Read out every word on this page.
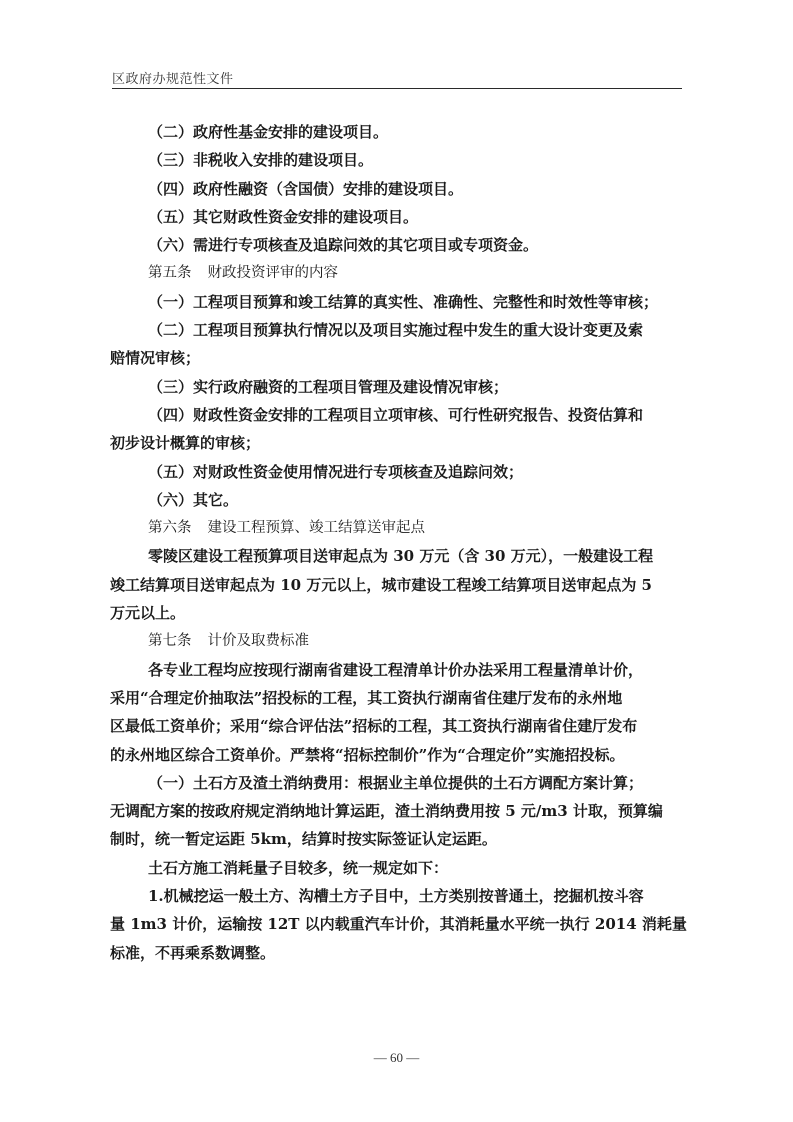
区政府办规范性文件
（二）政府性基金安排的建设项目。
（三）非税收入安排的建设项目。
（四）政府性融资（含国债）安排的建设项目。
（五）其它财政性资金安排的建设项目。
（六）需进行专项核查及追踪问效的其它项目或专项资金。
第五条 财政投资评审的内容
（一）工程项目预算和竣工结算的真实性、准确性、完整性和时效性等审核；
（二）工程项目预算执行情况以及项目实施过程中发生的重大设计变更及索
赔情况审核；
（三）实行政府融资的工程项目管理及建设情况审核；
（四）财政性资金安排的工程项目立项审核、可行性研究报告、投资估算和
初步设计概算的审核；
（五）对财政性资金使用情况进行专项核查及追踪问效；
（六）其它。
第六条 建设工程预算、竣工结算送审起点
零陵区建设工程预算项目送审起点为 30 万元（含 30 万元），一般建设工程
竣工结算项目送审起点为 10 万元以上，城市建设工程竣工结算项目送审起点为 5
万元以上。
第七条 计价及取费标准
各专业工程均应按现行湖南省建设工程清单计价办法采用工程量清单计价，
采用“合理定价抽取法”招投标的工程，其工资执行湖南省住建厅发布的永州地
区最低工资单价；采用“综合评估法”招标的工程，其工资执行湖南省住建厅发布
的永州地区综合工资单价。严禁将“招标控制价”作为“合理定价”实施招投标。
（一）土石方及渣土消纳费用：根据业主单位提供的土石方调配方案计算；
无调配方案的按政府规定消纳地计算运距，渣土消纳费用按 5 元/m3 计取，预算编
制时，统一暂定运距 5km，结算时按实际签证认定运距。
土石方施工消耗量子目较多，统一规定如下：
1.机械挖运一般土方、沟槽土方子目中，土方类别按普通土，挖掘机按斗容
量 1m3 计价，运输按 12T 以内载重汽车计价，其消耗量水平统一执行 2014 消耗量
标准，不再乘系数调整。
— 60 —
